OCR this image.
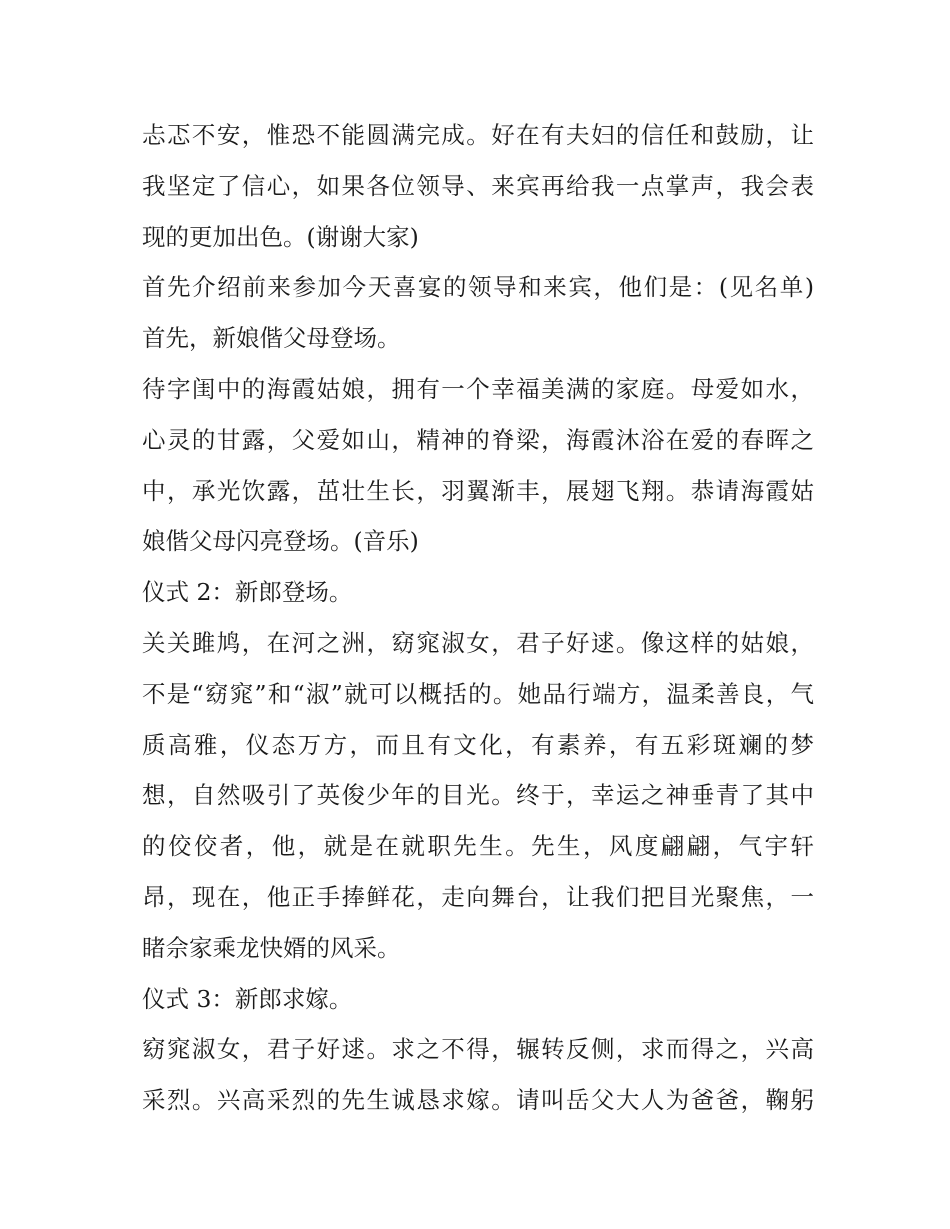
忐忑不安，惟恐不能圆满完成。好在有夫妇的信任和鼓励，让
我坚定了信心，如果各位领导、来宾再给我一点掌声，我会表
现的更加出色。(谢谢大家)
首先介绍前来参加今天喜宴的领导和来宾，他们是：(见名单)
首先，新娘偕父母登场。
待字闺中的海霞姑娘，拥有一个幸福美满的家庭。母爱如水，
心灵的甘露，父爱如山，精神的脊梁，海霞沐浴在爱的春晖之
中，承光饮露，茁壮生长，羽翼渐丰，展翅飞翔。恭请海霞姑
娘偕父母闪亮登场。(音乐)
仪式 2：新郎登场。
关关雎鸠，在河之洲，窈窕淑女，君子好逑。像这样的姑娘，
不是“窈窕”和“淑”就可以概括的。她品行端方，温柔善良，气
质高雅，仪态万方，而且有文化，有素养，有五彩斑斓的梦
想，自然吸引了英俊少年的目光。终于，幸运之神垂青了其中
的佼佼者，他，就是在就职先生。先生，风度翩翩，气宇轩
昂，现在，他正手捧鲜花，走向舞台，让我们把目光聚焦，一
睹佘家乘龙快婿的风采。
仪式 3：新郎求嫁。
窈窕淑女，君子好逑。求之不得，辗转反侧，求而得之，兴高
采烈。兴高采烈的先生诚恳求嫁。请叫岳父大人为爸爸，鞠躬
